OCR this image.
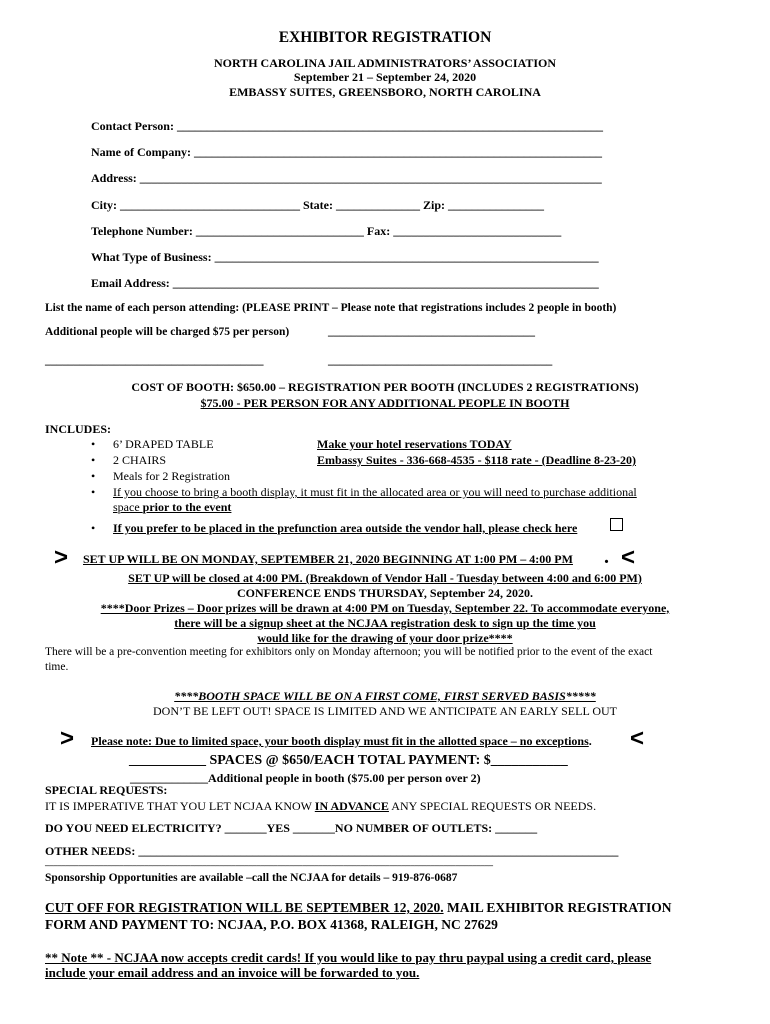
EXHIBITOR REGISTRATION
NORTH CAROLINA JAIL ADMINISTRATORS’ ASSOCIATION
September 21 – September 24, 2020
EMBASSY SUITES, GREENSBORO, NORTH CAROLINA
Contact Person: _______________________________________________________________________
Name of Company: ____________________________________________________________________
Address: _____________________________________________________________________________
City: ______________________________ State: ______________ Zip: ________________
Telephone Number: ____________________________ Fax: ____________________________
What Type of Business: ________________________________________________________________
Email Address: _______________________________________________________________________
List the name of each person attending: (PLEASE PRINT – Please note that registrations includes 2 people in booth)
Additional people will be charged $75 per person)	____________________________________
______________________________________	_______________________________________
COST OF BOOTH: $650.00 – REGISTRATION PER BOOTH (INCLUDES 2 REGISTRATIONS)
$75.00 - PER PERSON FOR ANY ADDITIONAL PEOPLE IN BOOTH
INCLUDES:
• 6’ DRAPED TABLE
• 2 CHAIRS
• Meals for 2 Registration
Make your hotel reservations TODAY
Embassy Suites - 336-668-4535 - $118 rate - (Deadline 8-23-20)
• If you choose to bring a booth display, it must fit in the allocated area or you will need to purchase additional
space prior to the event
• If you prefer to be placed in the prefunction area outside the vendor hall, please check here
> SET UP WILL BE ON MONDAY, SEPTEMBER 21, 2020 BEGINNING AT 1:00 PM – 4:00 PM . <
SET UP will be closed at 4:00 PM. (Breakdown of Vendor Hall - Tuesday between 4:00 and 6:00 PM)
CONFERENCE ENDS THURSDAY, September 24, 2020.
****Door Prizes – Door prizes will be drawn at 4:00 PM on Tuesday, September 22. To accommodate everyone,
there will be a signup sheet at the NCJAA registration desk to sign up the time you
would like for the drawing of your door prize****
There will be a pre-convention meeting for exhibitors only on Monday afternoon; you will be notified prior to the event of the exact
time.
****BOOTH SPACE WILL BE ON A FIRST COME, FIRST SERVED BASIS*****
DON’T BE LEFT OUT! SPACE IS LIMITED AND WE ANTICIPATE AN EARLY SELL OUT
> Please note: Due to limited space, your booth display must fit in the allotted space – no exceptions. <
___________ SPACES @ $650/EACH TOTAL PAYMENT: $___________
_____________Additional people in booth ($75.00 per person over 2)
SPECIAL REQUESTS:
IT IS IMPERATIVE THAT YOU LET NCJAA KNOW IN ADVANCE ANY SPECIAL REQUESTS OR NEEDS.
DO YOU NEED ELECTRICITY? _______YES _______NO NUMBER OF OUTLETS: _______
OTHER NEEDS: ________________________________________________________________________________
____________________________________________________________________________________________________________
Sponsorship Opportunities are available –call the NCJAA for details – 919-876-0687
CUT OFF FOR REGISTRATION WILL BE SEPTEMBER 12, 2020. MAIL EXHIBITOR REGISTRATION
FORM AND PAYMENT TO: NCJAA, P.O. BOX 41368, RALEIGH, NC 27629
** Note ** - NCJAA now accepts credit cards! If you would like to pay thru paypal using a credit card, please
include your email address and an invoice will be forwarded to you.
